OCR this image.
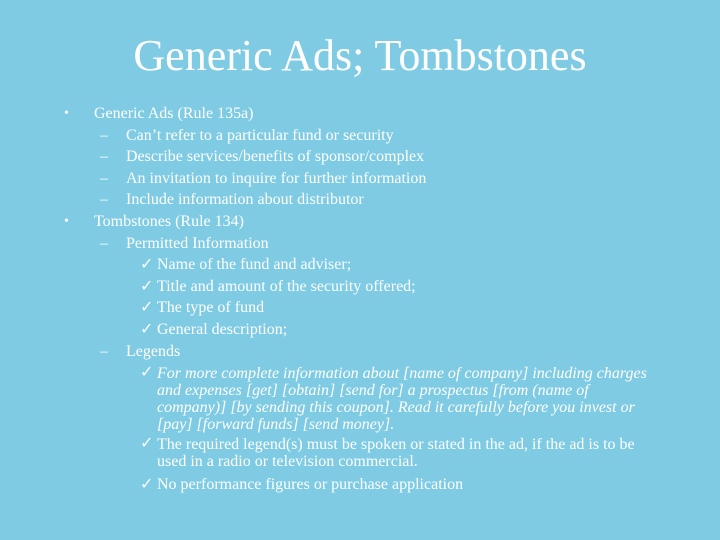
Generic Ads; Tombstones
• Generic Ads (Rule 135a)
– Can’t refer to a particular fund or security
– Describe services/benefits of sponsor/complex
– An invitation to inquire for further information
– Include information about distributor
• Tombstones (Rule 134)
– Permitted Information
✓ Name of the fund and adviser;
✓ Title and amount of the security offered;
✓ The type of fund
✓ General description;
– Legends
✓ For more complete information about [name of company] including charges and expenses [get] [obtain] [send for] a prospectus [from (name of company)] [by sending this coupon]. Read it carefully before you invest or [pay] [forward funds] [send money].
✓ The required legend(s) must be spoken or stated in the ad, if the ad is to be used in a radio or television commercial.
✓ No performance figures or purchase application
